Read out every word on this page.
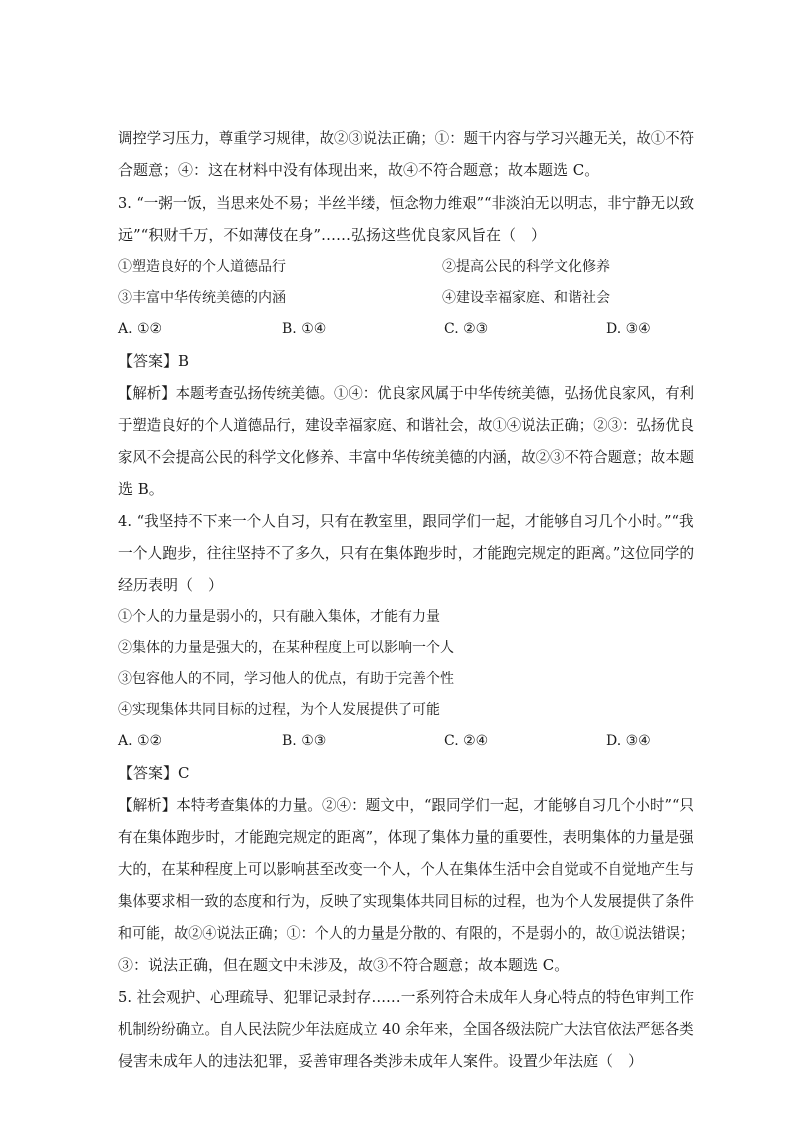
调控学习压力，尊重学习规律，故②③说法正确；①：题干内容与学习兴趣无关，故①不符
合题意；④：这在材料中没有体现出来，故④不符合题意；故本题选 C。
3. “一粥一饭，当思来处不易；半丝半缕，恒念物力维艰”“非淡泊无以明志，非宁静无以致
远”“积财千万，不如薄伎在身”……弘扬这些优良家风旨在（　）
①塑造良好的个人道德品行	②提高公民的科学文化修养
③丰富中华传统美德的内涵	④建设幸福家庭、和谐社会
A. ①②	B. ①④	C. ②③	D. ③④
【答案】B
【解析】本题考查弘扬传统美德。①④：优良家风属于中华传统美德，弘扬优良家风，有利
于塑造良好的个人道德品行，建设幸福家庭、和谐社会，故①④说法正确；②③：弘扬优良
家风不会提高公民的科学文化修养、丰富中华传统美德的内涵，故②③不符合题意；故本题
选 B。
4. “我坚持不下来一个人自习，只有在教室里，跟同学们一起，才能够自习几个小时。”“我
一个人跑步，往往坚持不了多久，只有在集体跑步时，才能跑完规定的距离。”这位同学的
经历表明（　）
①个人的力量是弱小的，只有融入集体，才能有力量
②集体的力量是强大的，在某种程度上可以影响一个人
③包容他人的不同，学习他人的优点，有助于完善个性
④实现集体共同目标的过程，为个人发展提供了可能
A. ①②	B. ①③	C. ②④	D. ③④
【答案】C
【解析】本特考查集体的力量。②④：题文中，“跟同学们一起，才能够自习几个小时”“只
有在集体跑步时，才能跑完规定的距离”，体现了集体力量的重要性，表明集体的力量是强
大的，在某种程度上可以影响甚至改变一个人，个人在集体生活中会自觉或不自觉地产生与
集体要求相一致的态度和行为，反映了实现集体共同目标的过程，也为个人发展提供了条件
和可能，故②④说法正确；①：个人的力量是分散的、有限的，不是弱小的，故①说法错误；
③：说法正确，但在题文中未涉及，故③不符合题意；故本题选 C。
5. 社会观护、心理疏导、犯罪记录封存……一系列符合未成年人身心特点的特色审判工作
机制纷纷确立。自人民法院少年法庭成立 40 余年来，全国各级法院广大法官依法严惩各类
侵害未成年人的违法犯罪，妥善审理各类涉未成年人案件。设置少年法庭（　）
